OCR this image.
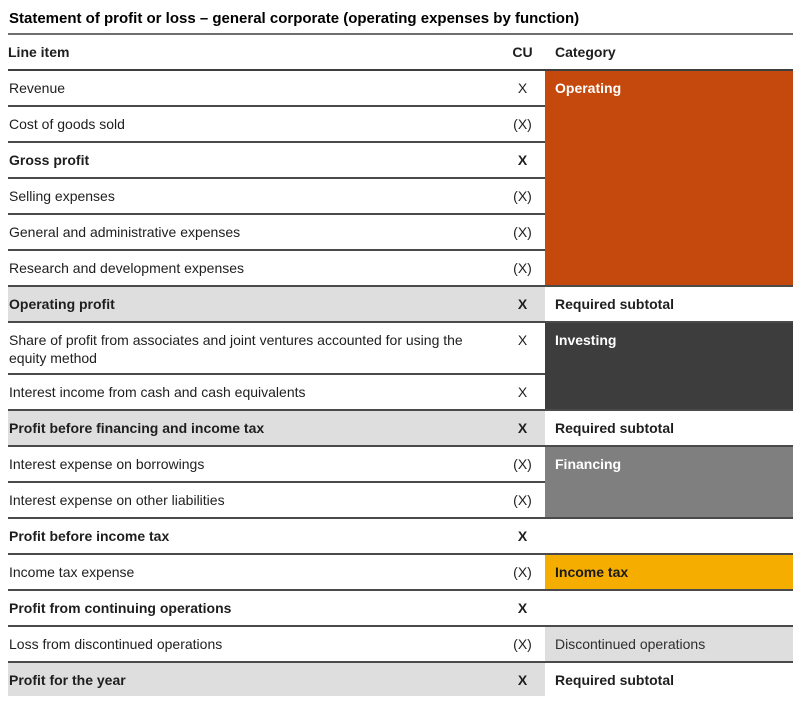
Statement of profit or loss – general corporate (operating expenses by function)
Line item	CU	Category
Revenue	X	Operating
Cost of goods sold	(X)	
Gross profit	X	
Selling expenses	(X)	
General and administrative expenses	(X)	
Research and development expenses	(X)	
Operating profit	X	Required subtotal
Share of profit from associates and joint ventures accounted for using the equity method	X	Investing
Interest income from cash and cash equivalents	X	
Profit before financing and income tax	X	Required subtotal
Interest expense on borrowings	(X)	Financing
Interest expense on other liabilities	(X)	
Profit before income tax	X	
Income tax expense	(X)	Income tax
Profit from continuing operations	X	
Loss from discontinued operations	(X)	Discontinued operations
Profit for the year	X	Required subtotal
